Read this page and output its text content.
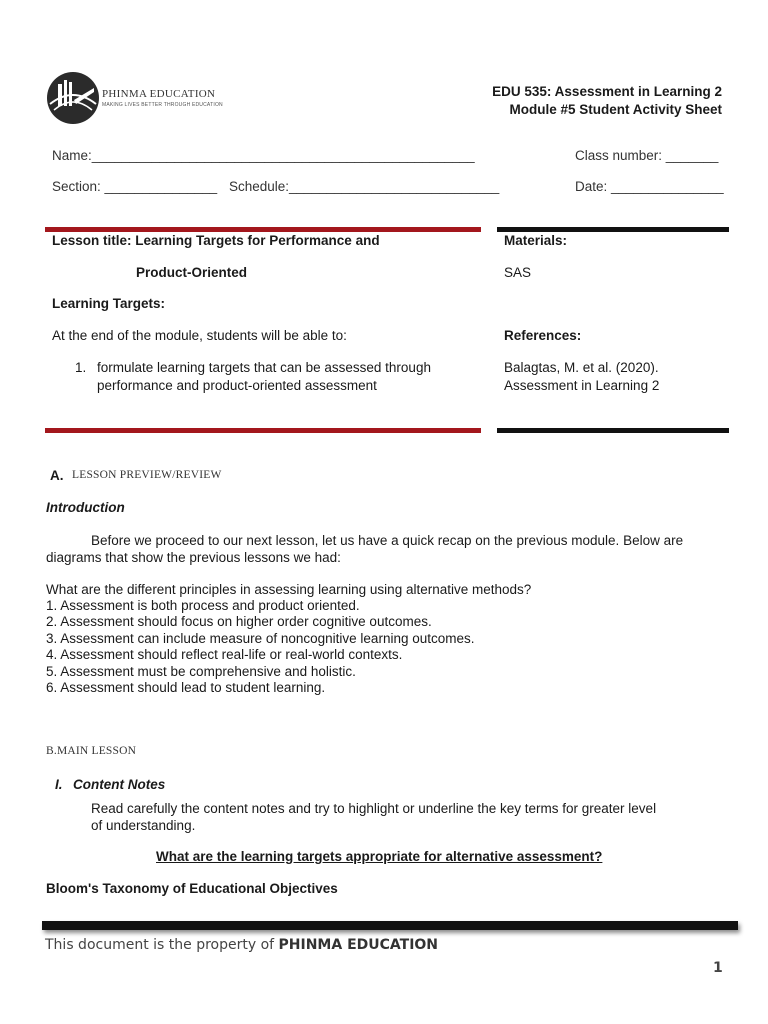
PHINMA EDUCATION
MAKING LIVES BETTER THROUGH EDUCATION
EDU 535: Assessment in Learning 2
Module #5 Student Activity Sheet
Name:___________________________________________________	Class number: _______
Section: _______________ Schedule:____________________________	Date: _______________
Lesson title: Learning Targets for Performance and
Product-Oriented
Learning Targets:
At the end of the module, students will be able to:
1. formulate learning targets that can be assessed through
performance and product-oriented assessment
Materials:
SAS
References:
Balagtas, M. et al. (2020).
Assessment in Learning 2
A. LESSON PREVIEW/REVIEW
Introduction
Before we proceed to our next lesson, let us have a quick recap on the previous module. Below are
diagrams that show the previous lessons we had:
What are the different principles in assessing learning using alternative methods?
1. Assessment is both process and product oriented.
2. Assessment should focus on higher order cognitive outcomes.
3. Assessment can include measure of noncognitive learning outcomes.
4. Assessment should reflect real-life or real-world contexts.
5. Assessment must be comprehensive and holistic.
6. Assessment should lead to student learning.
B.MAIN LESSON
I. Content Notes
Read carefully the content notes and try to highlight or underline the key terms for greater level
of understanding.
What are the learning targets appropriate for alternative assessment?
Bloom's Taxonomy of Educational Objectives
This document is the property of PHINMA EDUCATION
1
